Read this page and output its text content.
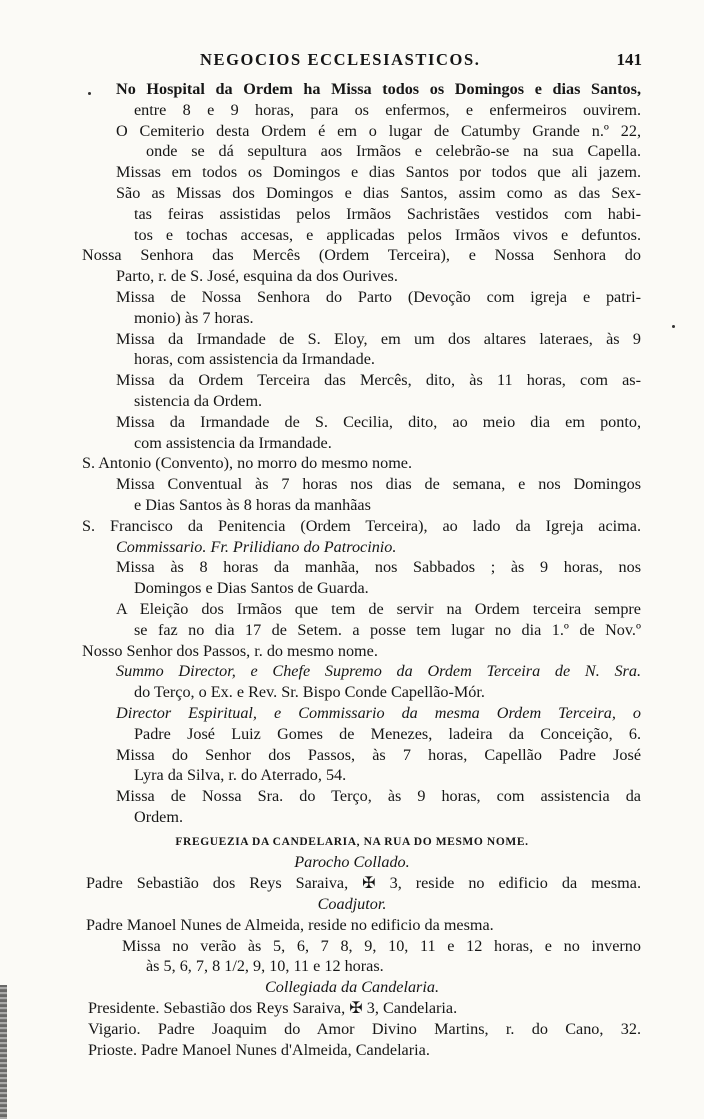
NEGOCIOS ECCLESIASTICOS.	141
No Hospital da Ordem ha Missa todos os Domingos e dias Santos,
entre 8 e 9 horas, para os enfermos, e enfermeiros ouvirem.
O Cemiterio desta Ordem é em o lugar de Catumby Grande n.º 22,
onde se dá sepultura aos Irmãos e celebrão-se na sua Capella.
Missas em todos os Domingos e dias Santos por todos que ali jazem.
São as Missas dos Domingos e dias Santos, assim como as das Sex-
tas feiras assistidas pelos Irmãos Sachristães vestidos com habi-
tos e tochas accesas, e applicadas pelos Irmãos vivos e defuntos.
Nossa Senhora das Mercês (Ordem Terceira), e Nossa Senhora do
Parto, r. de S. José, esquina da dos Ourives.
Missa de Nossa Senhora do Parto (Devoção com igreja e patri-
monio) às 7 horas.
Missa da Irmandade de S. Eloy, em um dos altares lateraes, às 9
horas, com assistencia da Irmandade.
Missa da Ordem Terceira das Mercês, dito, às 11 horas, com as-
sistencia da Ordem.
Missa da Irmandade de S. Cecilia, dito, ao meio dia em ponto,
com assistencia da Irmandade.
S. Antonio (Convento), no morro do mesmo nome.
Missa Conventual às 7 horas nos dias de semana, e nos Domingos
e Dias Santos às 8 horas da manhãas
S. Francisco da Penitencia (Ordem Terceira), ao lado da Igreja acima.
Commissario. Fr. Prilidiano do Patrocinio.
Missa às 8 horas da manhãa, nos Sabbados ; às 9 horas, nos
Domingos e Dias Santos de Guarda.
A Eleição dos Irmãos que tem de servir na Ordem terceira sempre
se faz no dia 17 de Setem. a posse tem lugar no dia 1.º de Nov.º
Nosso Senhor dos Passos, r. do mesmo nome.
Summo Director, e Chefe Supremo da Ordem Terceira de N. Sra.
do Terço, o Ex. e Rev. Sr. Bispo Conde Capellão-Mór.
Director Espiritual, e Commissario da mesma Ordem Terceira, o
Padre José Luiz Gomes de Menezes, ladeira da Conceição, 6.
Missa do Senhor dos Passos, às 7 horas, Capellão Padre José
Lyra da Silva, r. do Aterrado, 54.
Missa de Nossa Sra. do Terço, às 9 horas, com assistencia da
Ordem.
FREGUEZIA DA CANDELARIA, NA RUA DO MESMO NOME.
Parocho Collado.
Padre Sebastião dos Reys Saraiva, ✠ 3, reside no edificio da mesma.
Coadjutor.
Padre Manoel Nunes de Almeida, reside no edificio da mesma.
Missa no verão às 5, 6, 7 8, 9, 10, 11 e 12 horas, e no inverno
às 5, 6, 7, 8 1/2, 9, 10, 11 e 12 horas.
Collegiada da Candelaria.
Presidente. Sebastião dos Reys Saraiva, ✠ 3, Candelaria.
Vigario. Padre Joaquim do Amor Divino Martins, r. do Cano, 32.
Prioste. Padre Manoel Nunes d'Almeida, Candelaria.
